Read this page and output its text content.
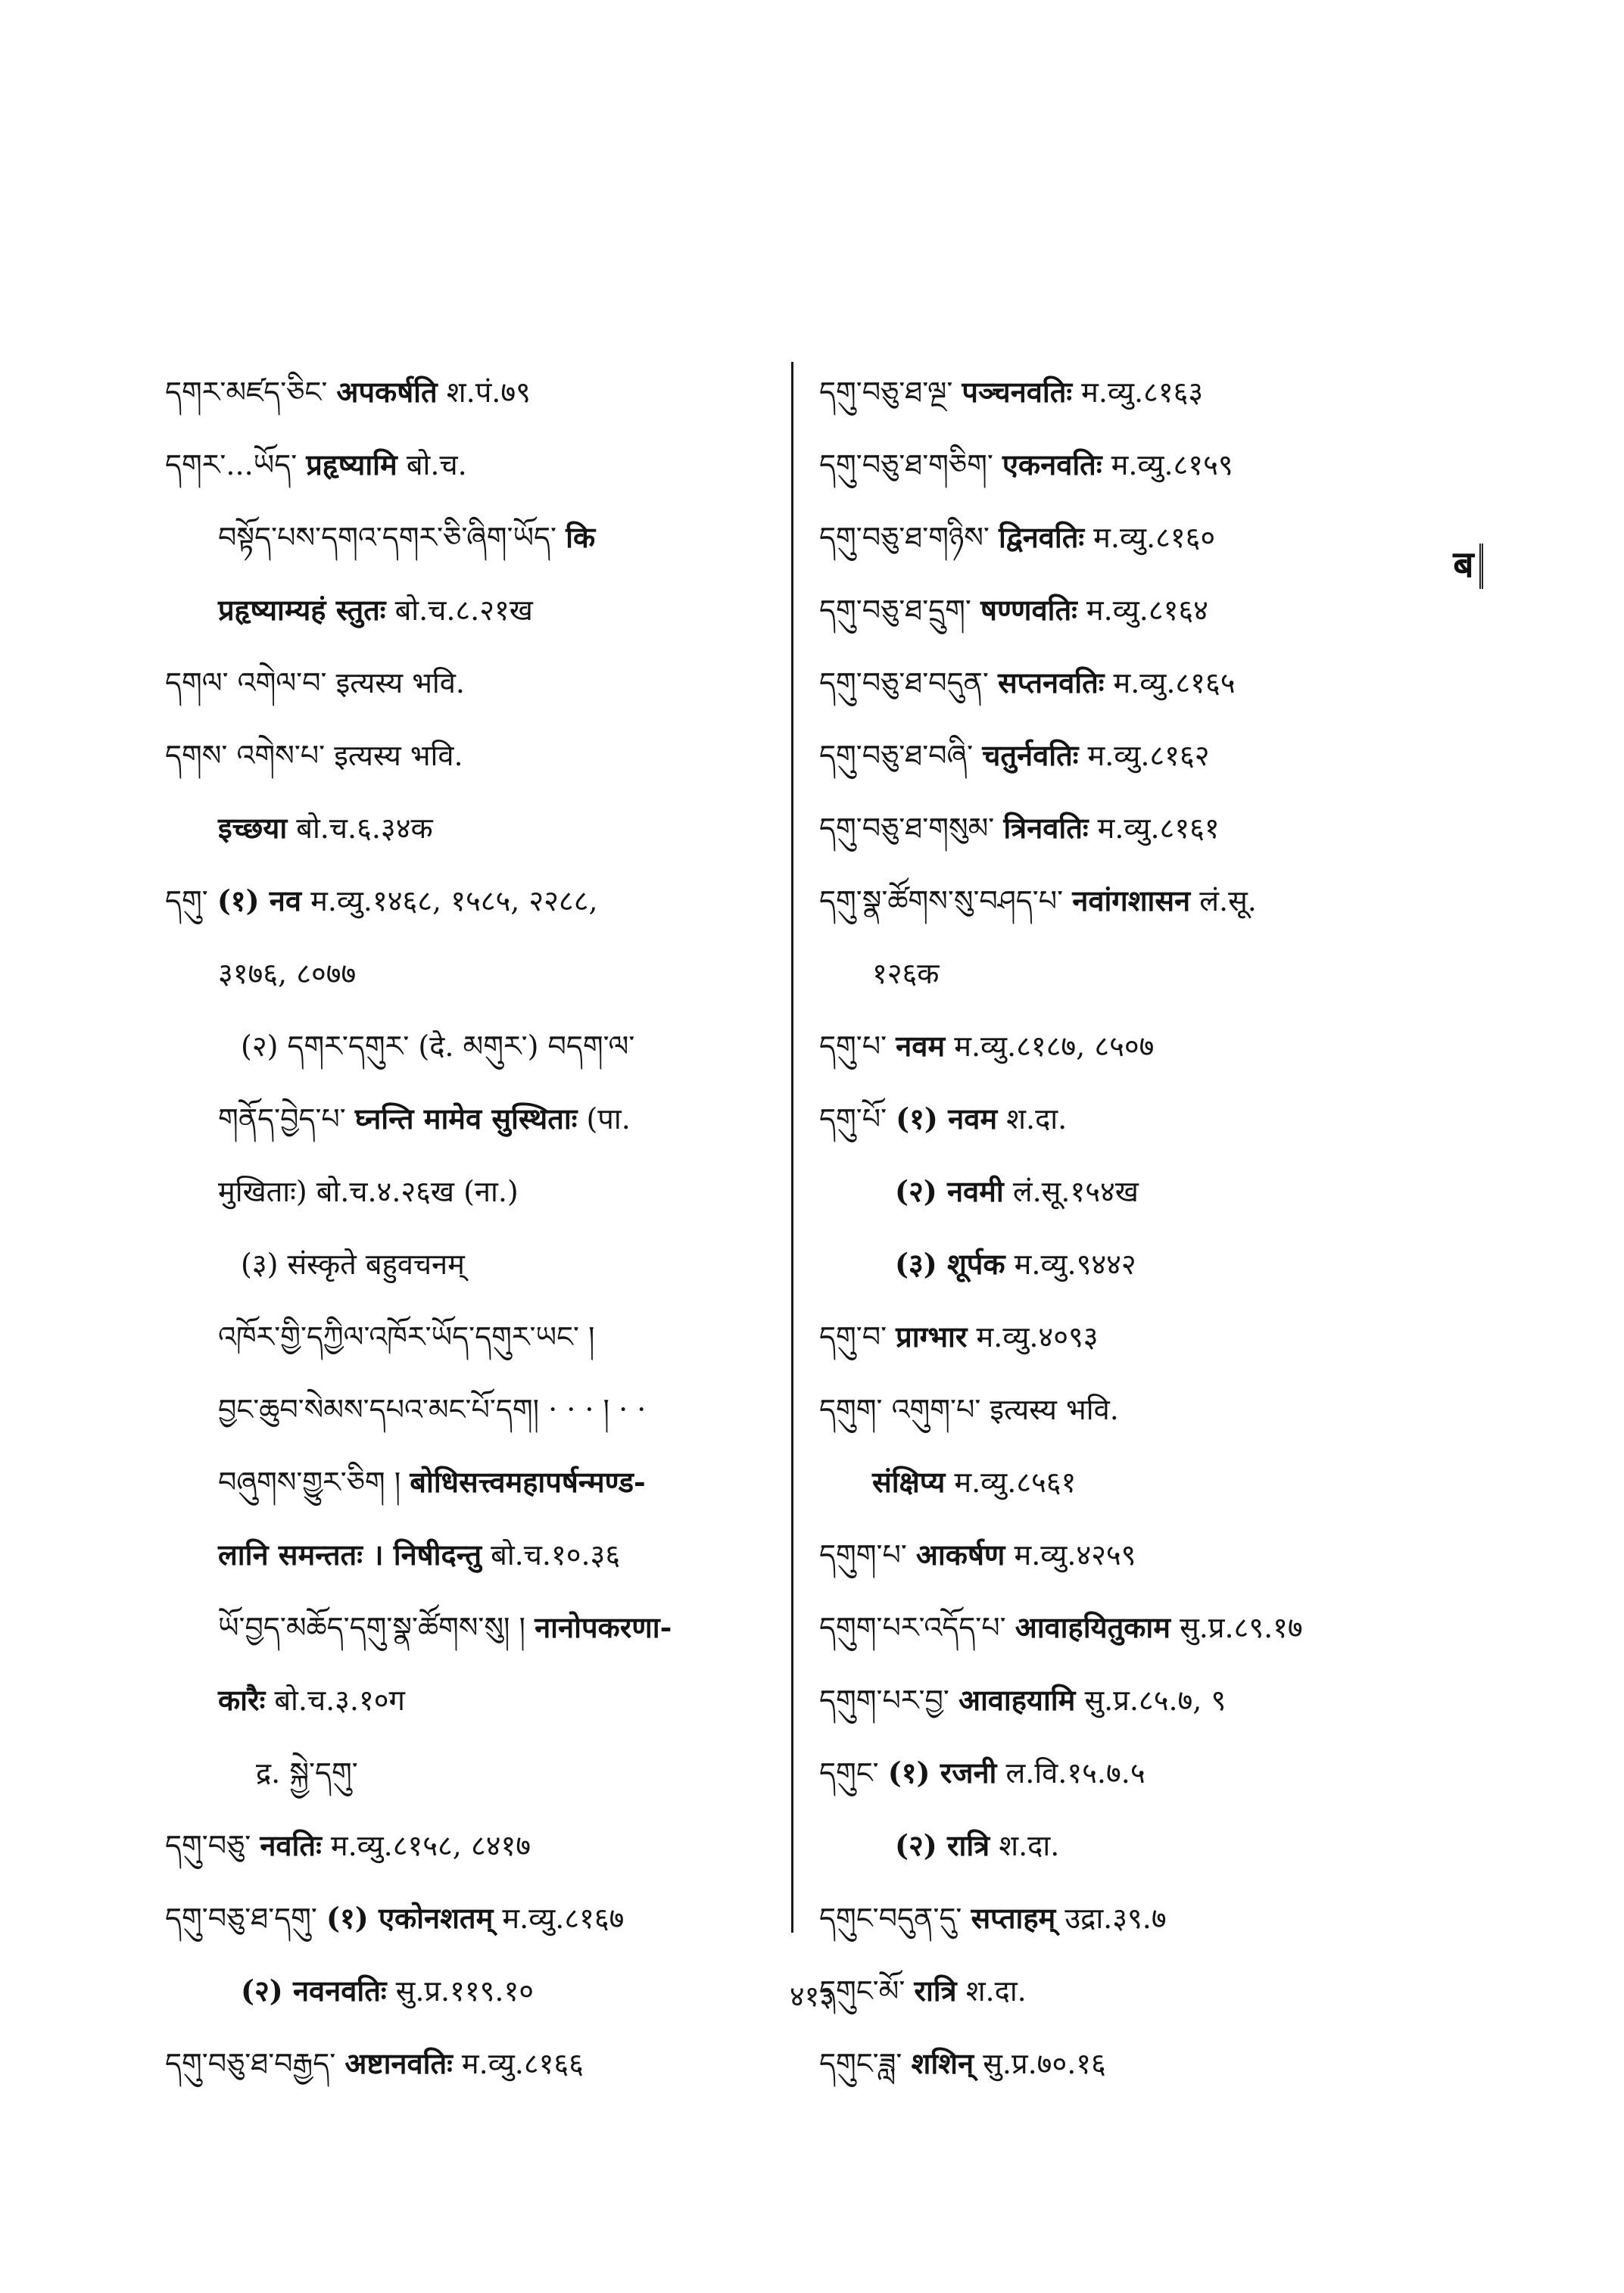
དགར་མཛད་ཅིང་ अपकर्षति श.पं.७९
དགར་...ཡོད་ प्रहृष्यामि बो.च.
བསྟོད་པས་དགའ་དགར་ཅི་ཞིག་ཡོད་ कि
प्रहृष्याम्यहं स्तुतः बो.च.८.२१ख
དགལ་ འགེལ་བ་ इत्यस्य भवि.
དགས་ འགེས་པ་ इत्यस्य भवि.
इच्छया बो.च.६.३४क
དགུ་ (१) नव म.व्यु.१४६८, १५८५, २२८८,
३१७६, ८०७७
(२) དགར་དགུར་ (दे. མགུར་) བདག་ལ་
གནོད་བྱེད་པ་ घ्नन्ति मामेव सुस्थिताः (पा.
मुखिताः) बो.च.४.२६ख (ना.)
(३) संस्कृते बहुवचनम्
འཁོར་གྱི་དཀྱིལ་འཁོར་ཡོད་དགུར་ཡང་ །
བྱང་ཆུབ་སེམས་དཔའ་མང་པོ་དག། · · · ། · ·
བཞུགས་གྱུར་ཅིག ། बोधिसत्त्वमहापर्षन्मण्ड-
लानि समन्ततः । निषीदन्तु बो.च.१०.३६
ཡོ་བྱད་མཆོད་དགུ་སྣ་ཚོགས་སུ། ། नानोपकरणा-
कारैः बो.च.३.१०ग
द्र. སྐྱེ་དགུ་
དགུ་བཅུ་ नवतिः म.व्यु.८१५८, ८४१७
དགུ་བཅུ་ཐ་དགུ་ (१) एकोनशतम् म.व्यु.८१६७
(२) नवनवतिः सु.प्र.११९.१०
དགུ་བཅུ་ཐ་བརྒྱད་ अष्टानवतिः म.व्यु.८१६६
དགུ་བཅུ་ཐ་ལྔ་ पञ्चनवतिः म.व्यु.८१६३
དགུ་བཅུ་ཐ་གཅིག་ एकनवतिः म.व्यु.८१५९
དགུ་བཅུ་ཐ་གཉིས་ द्विनवतिः म.व्यु.८१६०
དགུ་བཅུ་ཐ་དྲུག་ षण्णवतिः म.व्यु.८१६४
དགུ་བཅུ་ཐ་བདུན་ सप्तनवतिः म.व्यु.८१६५
དགུ་བཅུ་ཐ་བཞི་ चतुर्नवतिः म.व्यु.८१६२
དགུ་བཅུ་ཐ་གསུམ་ त्रिनवतिः म.व्यु.८१६१
དགུ་སྣ་ཚོགས་སུ་བཤད་པ་ नवांगशासन लं.सू.
१२६क
དགུ་པ་ नवम म.व्यु.८१८७, ८५०७
དགུ་པོ་ (१) नवम श.दा.
(२) नवमी लं.सू.१५४ख
(३) शूर्पक म.व्यु.९४४२
དགུ་བ་ प्राग्भार म.व्यु.४०९३
དགུག་ འགུག་པ་ इत्यस्य भवि.
संक्षिप्य म.व्यु.८५६१
དགུག་པ་ आकर्षण म.व्यु.४२५९
དགུག་པར་འདོད་པ་ आवाहयितुकाम सु.प्र.८९.१७
དགུག་པར་བྱ་ आवाहयामि सु.प्र.८५.७, ९
དགུང་ (१) रजनी ल.वि.१५.७.५
(२) रात्रि श.दा.
དགུང་བདུན་དུ་ सप्ताहम् उद्रा.३९.७
དགུང་མོ་ रात्रि श.दा.
དགུང་ཟླ་ शशिन् सु.प्र.७०.१६
ब
४१३
